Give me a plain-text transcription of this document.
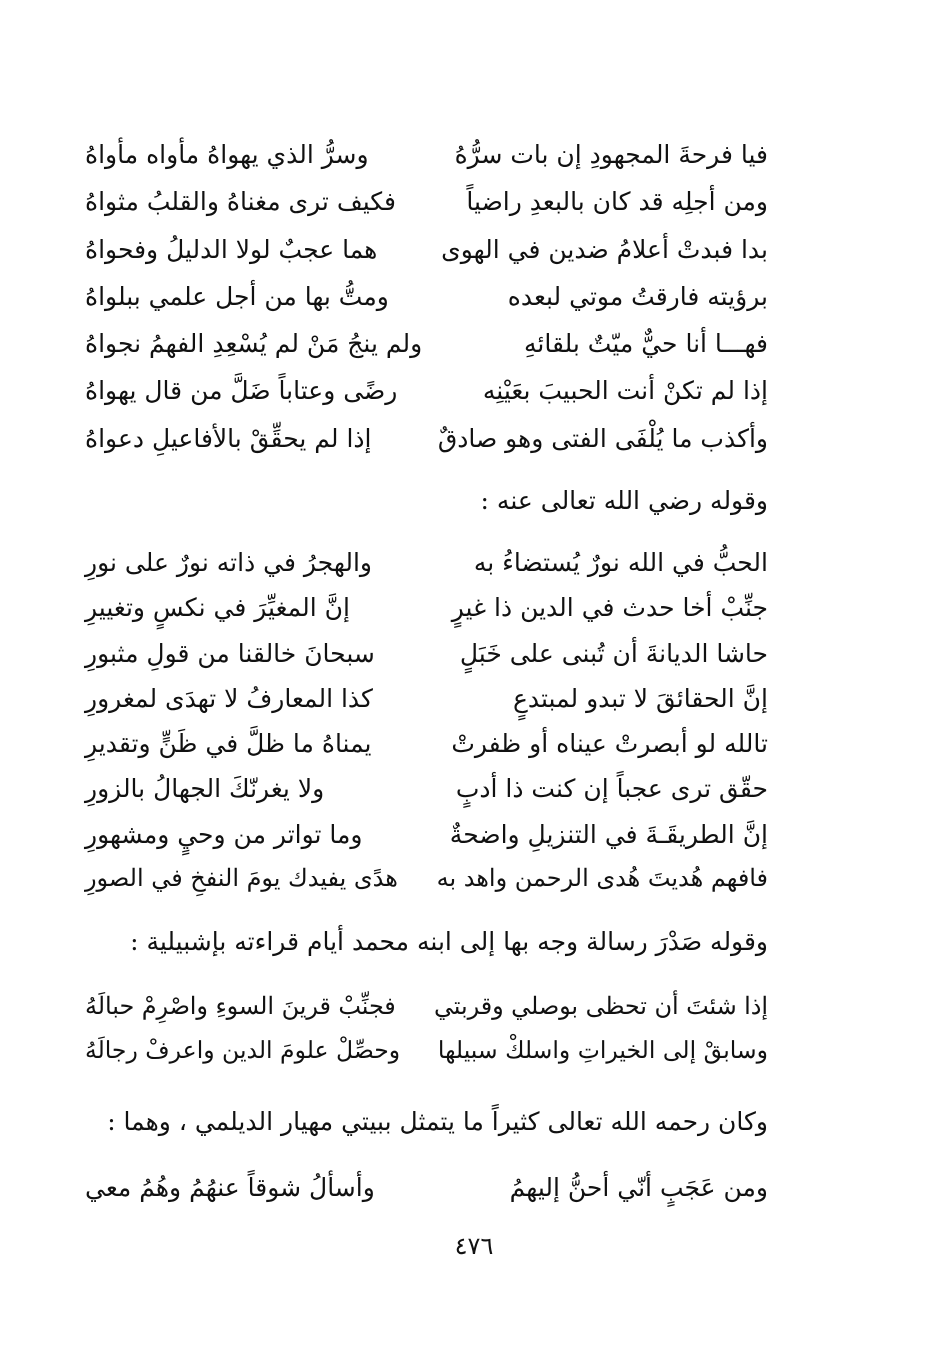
فيا فرحةَ المجهودِ إن بات سرُّهُ
وسرُّ الذي يهواهُ مأواه مأواهُ
ومن أجلِه قد كان بالبعدِ راضياً
فكيف ترى مغناهُ والقلبُ مثواهُ
بدا فبدتْ أعلامُ ضدين في الهوى
هما عجبٌ لولا الدليلُ وفحواهُ
برؤيته فارقتُ موتي لبعده
ومتُّ بها من أجل علمي ببلواهُ
فهـــا أنا حيٌّ ميّتٌ بلقائهِ
ولم ينجُ مَنْ لم يُسْعِدِ الفهمُ نجواهُ
إذا لم تكنْ أنت الحبيبَ بعَيْنِه
رضًى وعتاباً ضَلَّ من قال يهواهُ
وأكذب ما يُلْفَى الفتى وهو صادقٌ
إذا لم يحقِّقْ بالأفاعيلِ دعواهُ
وقوله رضي الله تعالى عنه :
الحبُّ في الله نورٌ يُستضاءُ به
والهجرُ في ذاته نورٌ على نورِ
جنِّبْ أخا حدث في الدين ذا غيرٍ
إنَّ المغيِّرَ في نكسٍ وتغييرِ
حاشا الديانةَ أن تُبنى على خَبَلٍ
سبحانَ خالقنا من قولِ مثبورِ
إنَّ الحقائقَ لا تبدو لمبتدعٍ
كذا المعارفُ لا تهدَى لمغرورِ
تالله لو أبصرتْ عيناه أو ظفرتْ
يمناهُ ما ظلَّ في ظَنٍّ وتقديرِ
حقّق ترى عجباً إن كنت ذا أدبٍ
ولا يغرنّكَ الجهالُ بالزورِ
إنَّ الطريقَـةَ في التنزيلِ واضحةٌ
وما تواتر من وحيٍ ومشهورِ
فافهم هُديتَ هُدى الرحمن واهد به
هدًى يفيدك يومَ النفخِ في الصورِ
وقوله صَدْرَ رسالة وجه بها إلى ابنه محمد أيام قراءته بإشبيلية :
إذا شئتَ أن تحظى بوصلي وقربتي
فجنِّبْ قرينَ السوءِ واصْرِمْ حبالَهُ
وسابقْ إلى الخيراتِ واسلكْ سبيلها
وحصِّلْ علومَ الدين واعرفْ رجالَهُ
وكان رحمه الله تعالى كثيراً ما يتمثل ببيتي مهيار الديلمي ، وهما :
ومن عَجَبٍ أنّي أحنُّ إليهمُ
وأسألُ شوقاً عنهُمُ وهُمُ معي
٤٧٦
